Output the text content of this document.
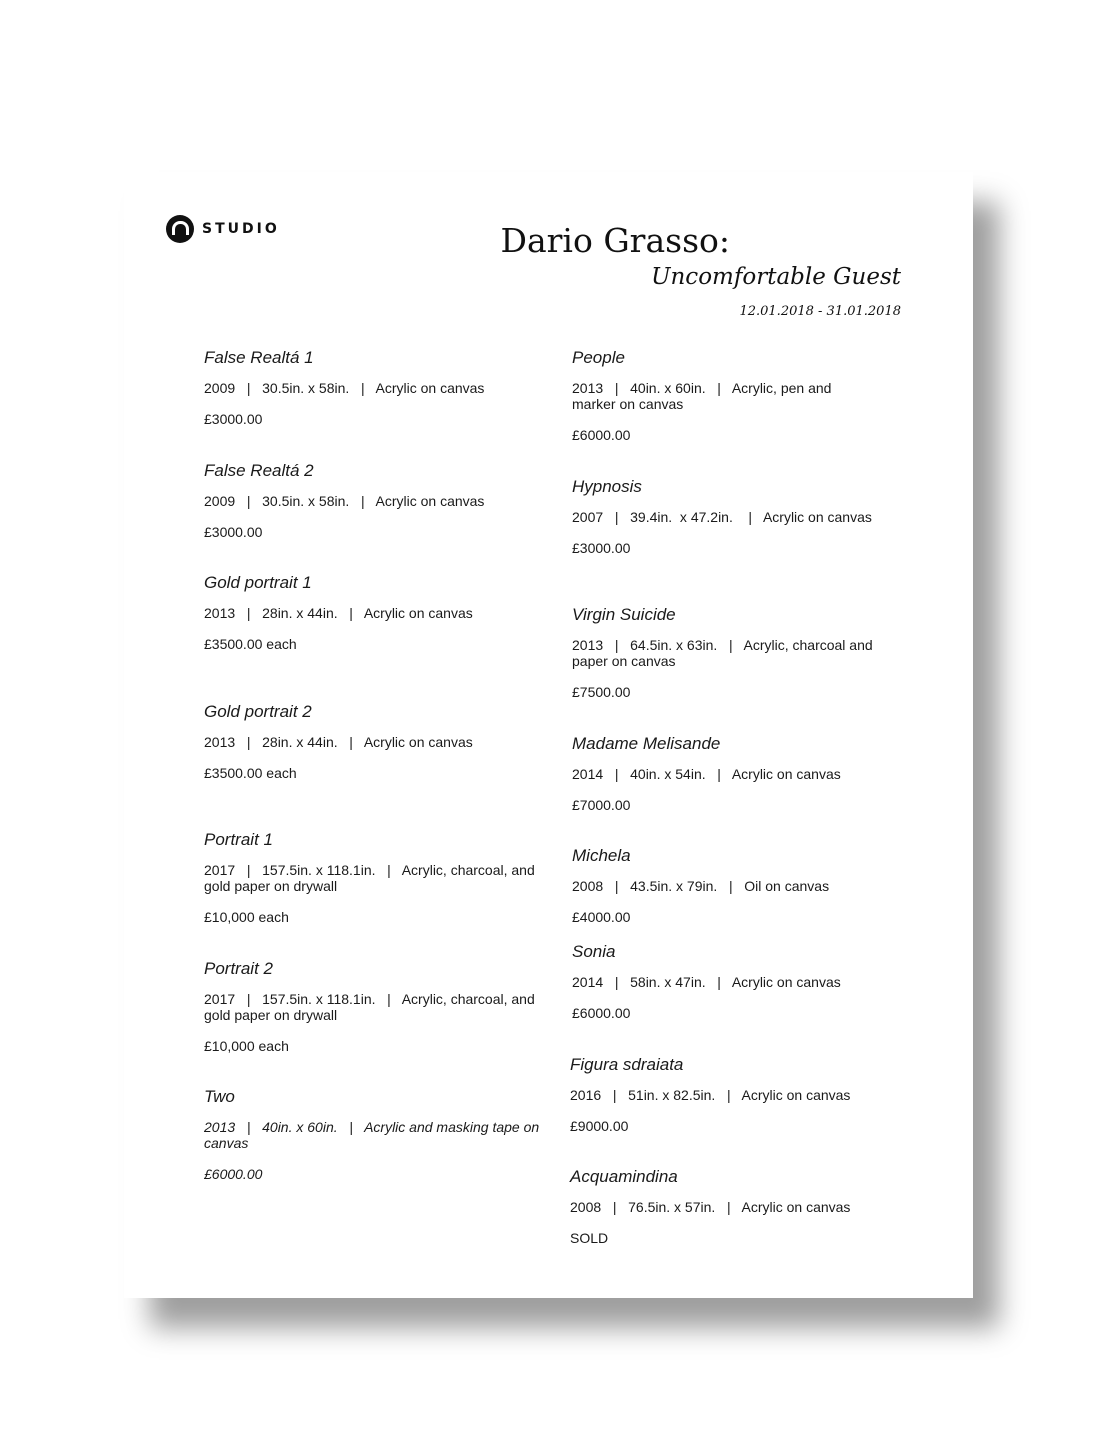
STUDIO	Dario Grasso:
Uncomfortable Guest
12.01.2018 - 31.01.2018
False Realtá 1
2009   |   30.5in. x 58in.   |   Acrylic on canvas
£3000.00
False Realtá 2
2009   |   30.5in. x 58in.   |   Acrylic on canvas
£3000.00
Gold portrait 1
2013   |   28in. x 44in.   |   Acrylic on canvas
£3500.00 each
Gold portrait 2
2013   |   28in. x 44in.   |   Acrylic on canvas
£3500.00 each
Portrait 1
2017   |   157.5in. x 118.1in.   |   Acrylic, charcoal, and gold paper on drywall
£10,000 each
Portrait 2
2017   |   157.5in. x 118.1in.   |   Acrylic, charcoal, and gold paper on drywall
£10,000 each
Two
2013   |   40in. x 60in.   |   Acrylic and masking tape on canvas
£6000.00
People
2013   |   40in. x 60in.   |   Acrylic, pen and marker on canvas
£6000.00
Hypnosis
2007   |   39.4in.  x 47.2in.    |   Acrylic on canvas
£3000.00
Virgin Suicide
2013   |   64.5in. x 63in.   |   Acrylic, charcoal and paper on canvas
£7500.00
Madame Melisande
2014   |   40in. x 54in.   |   Acrylic on canvas
£7000.00
Michela
2008   |   43.5in. x 79in.   |   Oil on canvas
£4000.00
Sonia
2014   |   58in. x 47in.   |   Acrylic on canvas
£6000.00
Figura sdraiata
2016   |   51in. x 82.5in.   |   Acrylic on canvas
£9000.00
Acquamindina
2008   |   76.5in. x 57in.   |   Acrylic on canvas
SOLD
